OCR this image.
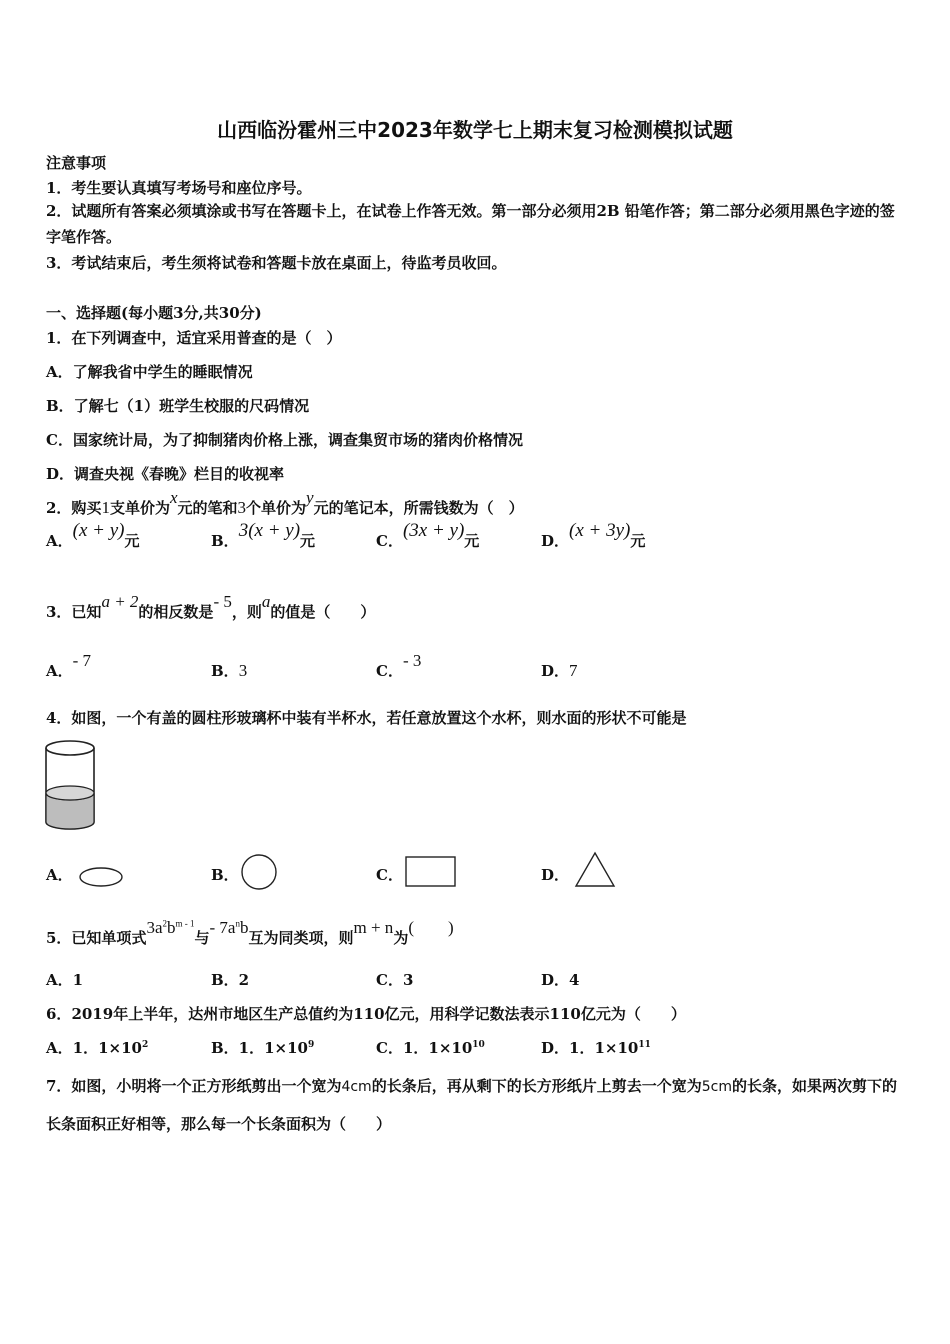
山西临汾霍州三中2023年数学七上期末复习检测模拟试题
注意事项
1．考生要认真填写考场号和座位序号。
2．试题所有答案必须填涂或书写在答题卡上，在试卷上作答无效。第一部分必须用2B 铅笔作答；第二部分必须用黑色字迹的签字笔作答。
3．考试结束后，考生须将试卷和答题卡放在桌面上，待监考员收回。
一、选择题(每小题3分,共30分)
1．在下列调查中，适宜采用普查的是（　）
A．了解我省中学生的睡眠情况
B．了解七（1）班学生校服的尺码情况
C．国家统计局，为了抑制猪肉价格上涨，调查集贸市场的猪肉价格情况
D．调查央视《春晚》栏目的收视率
2．购买1支单价为x元的笔和3个单价为y元的笔记本，所需钱数为（　）
A．(x + y)元	B．3(x + y)元	C．(3x + y)元	D．(x + 3y)元
3．已知a + 2的相反数是- 5，则a的值是（　　）
A．- 7
B．3	C．- 3
D．7
4．如图，一个有盖的圆柱形玻璃杯中装有半杯水，若任意放置这个水杯，则水面的形状不可能是
A．	B．	C．	D．
5．已知单项式$3a^2b^{m - 1}$与- $7a^nb$互为同类项，则m + n为(　　)
A．1	B．2	C．3	D．4
6．2019年上半年，达州市地区生产总值约为110亿元，用科学记数法表示110亿元为（　　）
A．1．$1\times 10^2$	B．1．$1\times 10^9$	C．1．$1\times 10^{10}$	D．1．$1\times 10^{11}$
7．如图，小明将一个正方形纸剪出一个宽为4cm的长条后，再从剩下的长方形纸片上剪去一个宽为5cm的长条，如果两次剪下的长条面积正好相等，那么每一个长条面积为（　　）
